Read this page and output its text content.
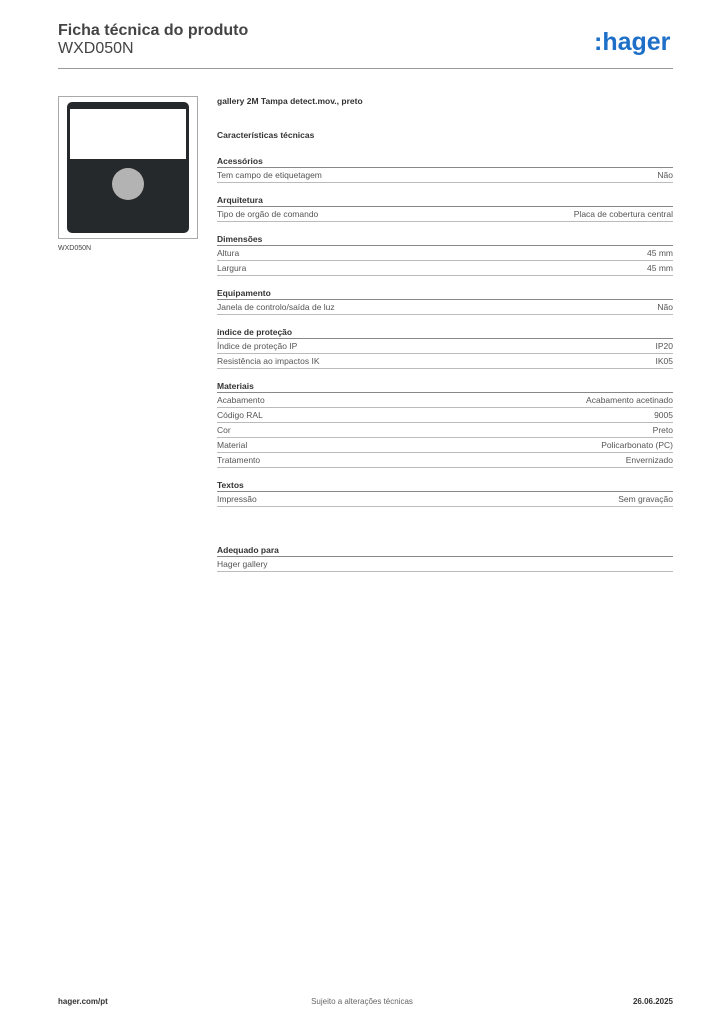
Ficha técnica do produto
WXD050N	:hager
WXD050N
gallery 2M Tampa detect.mov., preto
Características técnicas
Acessórios
Tem campo de etiquetagem	Não
Arquitetura
Tipo de orgão de comando	Placa de cobertura central
Dimensões
Altura	45 mm
Largura	45 mm
Equipamento
Janela de controlo/saída de luz	Não
índice de proteção
Índice de proteção IP	IP20
Resistência ao impactos IK	IK05
Materiais
Acabamento	Acabamento acetinado
Código RAL	9005
Cor	Preto
Material	Policarbonato (PC)
Tratamento	Envernizado
Textos
Impressão	Sem gravação
Adequado para
Hager gallery
hager.com/pt	Sujeito a alterações técnicas	26.06.2025
